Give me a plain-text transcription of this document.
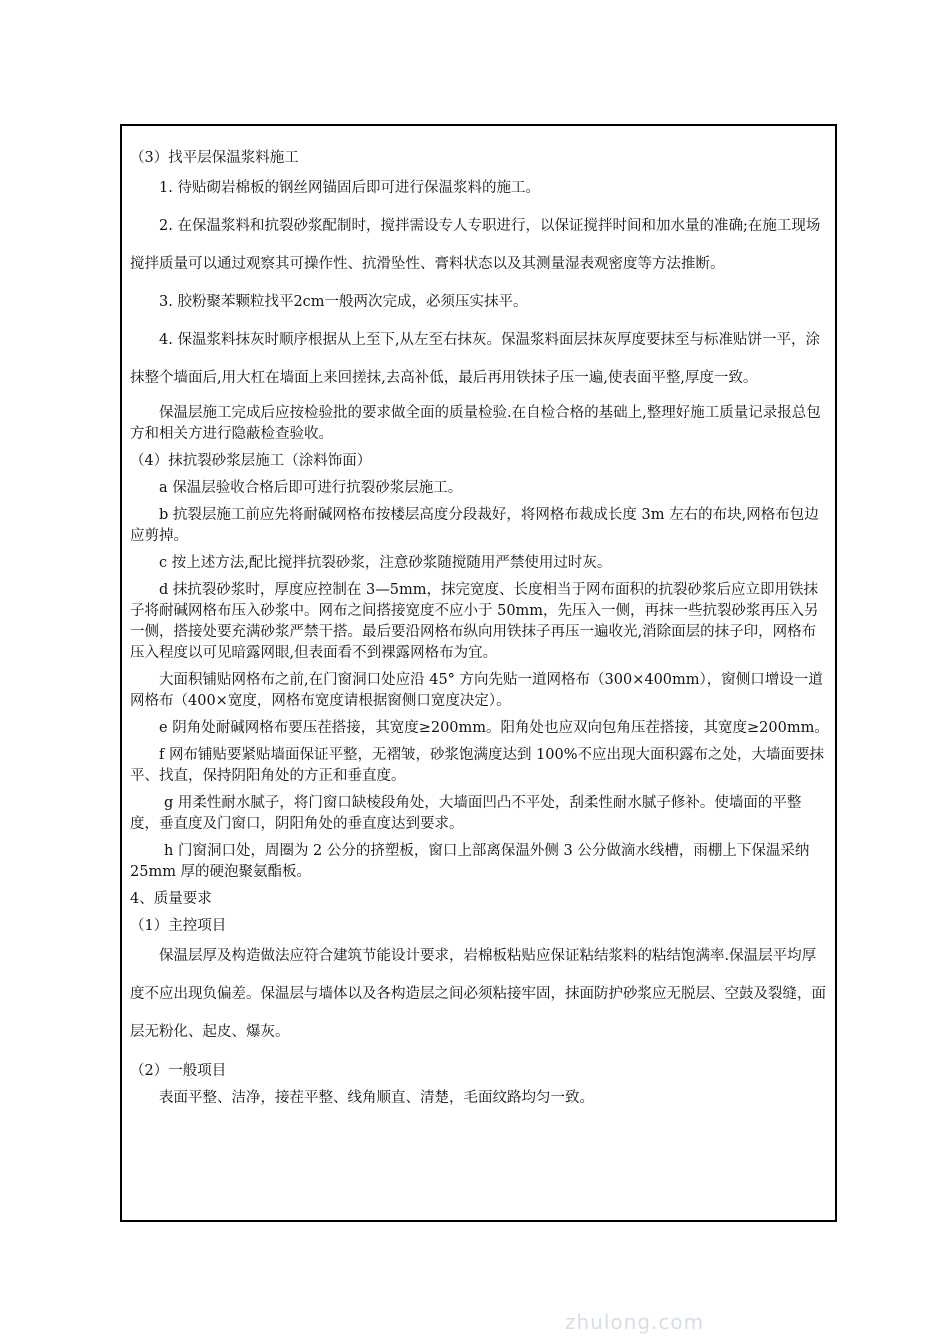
（3）找平层保温浆料施工

1. 待贴砌岩棉板的钢丝网锚固后即可进行保温浆料的施工。

2. 在保温浆料和抗裂砂浆配制时，搅拌需设专人专职进行，以保证搅拌时间和加水量的准确;在施工现场搅拌质量可以通过观察其可操作性、抗滑坠性、膏料状态以及其测量湿表观密度等方法推断。

3. 胶粉聚苯颗粒找平2cm一般两次完成，必须压实抹平。

4. 保温浆料抹灰时顺序根据从上至下,从左至右抹灰。保温浆料面层抹灰厚度要抹至与标准贴饼一平，涂抹整个墙面后,用大杠在墙面上来回搓抹,去高补低，最后再用铁抹子压一遍,使表面平整,厚度一致。

保温层施工完成后应按检验批的要求做全面的质量检验.在自检合格的基础上,整理好施工质量记录报总包方和相关方进行隐蔽检查验收。

（4）抹抗裂砂浆层施工（涂料饰面）

a 保温层验收合格后即可进行抗裂砂浆层施工。

b 抗裂层施工前应先将耐碱网格布按楼层高度分段裁好，将网格布裁成长度 3m 左右的布块,网格布包边应剪掉。

c 按上述方法,配比搅拌抗裂砂浆，注意砂浆随搅随用严禁使用过时灰。

d 抹抗裂砂浆时，厚度应控制在 3—5mm，抹完宽度、长度相当于网布面积的抗裂砂浆后应立即用铁抹子将耐碱网格布压入砂浆中。网布之间搭接宽度不应小于 50mm，先压入一侧，再抹一些抗裂砂浆再压入另一侧，搭接处要充满砂浆严禁干搭。最后要沿网格布纵向用铁抹子再压一遍收光,消除面层的抹子印，网格布压入程度以可见暗露网眼,但表面看不到裸露网格布为宜。

大面积铺贴网格布之前,在门窗洞口处应沿 45° 方向先贴一道网格布（300×400mm），窗侧口增设一道网格布（400×宽度，网格布宽度请根据窗侧口宽度决定）。

e 阴角处耐碱网格布要压茬搭接，其宽度≥200mm。阳角处也应双向包角压茬搭接，其宽度≥200mm。

f 网布铺贴要紧贴墙面保证平整，无褶皱，砂浆饱满度达到 100%不应出现大面积露布之处，大墙面要抹平、找直，保持阴阳角处的方正和垂直度。

g 用柔性耐水腻子，将门窗口缺棱段角处，大墙面凹凸不平处，刮柔性耐水腻子修补。使墙面的平整度，垂直度及门窗口，阴阳角处的垂直度达到要求。

h 门窗洞口处，周圈为 2 公分的挤塑板，窗口上部离保温外侧 3 公分做滴水线槽，雨棚上下保温采纳 25mm 厚的硬泡聚氨酯板。

4、质量要求

（1）主控项目

保温层厚及构造做法应符合建筑节能设计要求，岩棉板粘贴应保证粘结浆料的粘结饱满率.保温层平均厚度不应出现负偏差。保温层与墙体以及各构造层之间必须粘接牢固，抹面防护砂浆应无脱层、空鼓及裂缝，面层无粉化、起皮、爆灰。

（2）一般项目

表面平整、洁净，接茬平整、线角顺直、清楚，毛面纹路均匀一致。

zhulong.com
